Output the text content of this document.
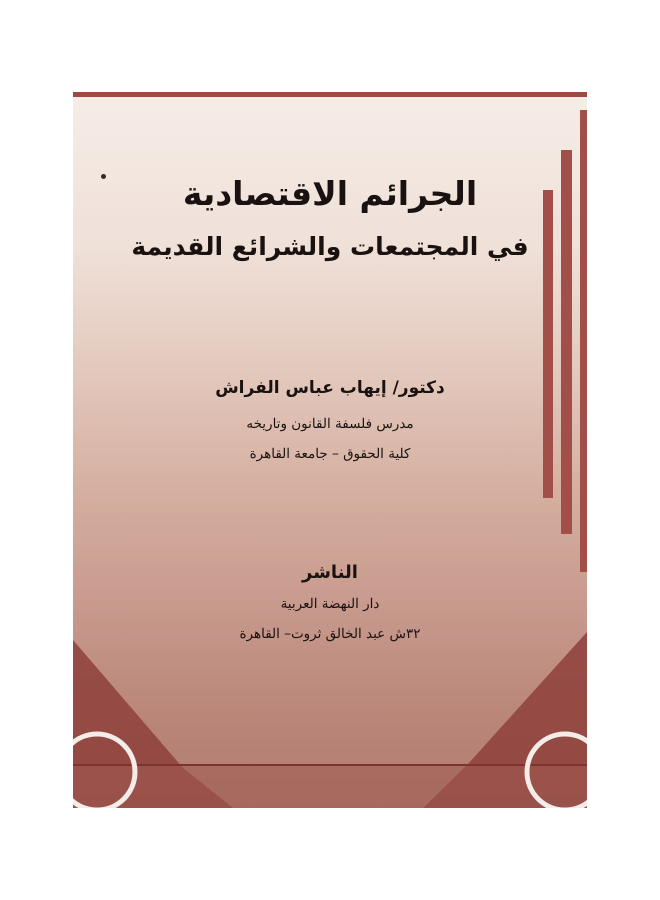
الجرائم الاقتصادية
في المجتمعات والشرائع القديمة
دكتور/ إيهاب عباس الفراش
مدرس فلسفة القانون وتاريخه
كلية الحقوق – جامعة القاهرة
الناشر
دار النهضة العربية
٣٢ش عبد الخالق ثروت– القاهرة
